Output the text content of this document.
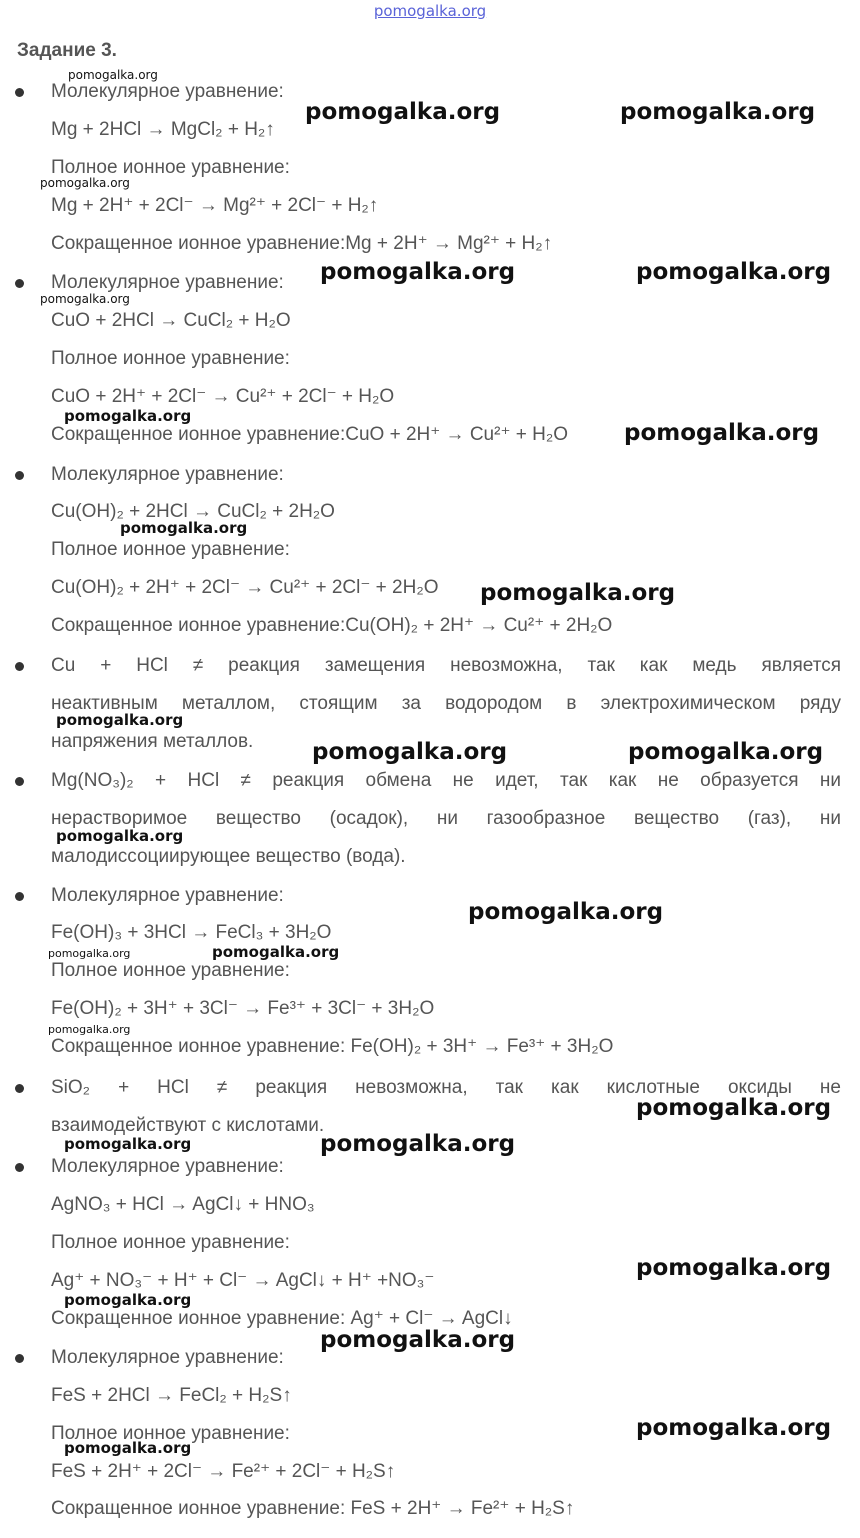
pomogalka.org
Задание 3.
Молекулярное уравнение:
Mg + 2HCl → MgCl₂ + H₂↑
Полное ионное уравнение:
Mg + 2H⁺ + 2Cl⁻ → Mg²⁺ + 2Cl⁻ + H₂↑
Сокращенное ионное уравнение:Mg + 2H⁺ → Mg²⁺ + H₂↑
Молекулярное уравнение:
CuO + 2HCl → CuCl₂ + H₂O
Полное ионное уравнение:
CuO + 2H⁺ + 2Cl⁻ → Cu²⁺ + 2Cl⁻ + H₂O
Сокращенное ионное уравнение:CuO + 2H⁺ → Cu²⁺ + H₂O
Молекулярное уравнение:
Cu(OH)₂ + 2HCl → CuCl₂ + 2H₂O
Полное ионное уравнение:
Cu(OH)₂ + 2H⁺ + 2Cl⁻ → Cu²⁺ + 2Cl⁻ + 2H₂O
Сокращенное ионное уравнение:Cu(OH)₂ + 2H⁺ → Cu²⁺ + 2H₂O
Cu + HCl ≠ реакция замещения невозможна, так как медь является
неактивным металлом, стоящим за водородом в электрохимическом ряду
напряжения металлов.
Mg(NO₃)₂ + HCl ≠ реакция обмена не идет, так как не образуется ни
нерастворимое вещество (осадок), ни газообразное вещество (газ), ни
малодиссоциирующее вещество (вода).
Молекулярное уравнение:
Fe(OH)₃ + 3HCl → FeCl₃ + 3H₂O
Полное ионное уравнение:
Fe(OH)₂ + 3H⁺ + 3Cl⁻ → Fe³⁺ + 3Cl⁻ + 3H₂O
Сокращенное ионное уравнение: Fe(OH)₂ + 3H⁺ → Fe³⁺ + 3H₂O
SiO₂ + HCl ≠ реакция невозможна, так как кислотные оксиды не
взаимодействуют с кислотами.
Молекулярное уравнение:
AgNO₃ + HCl → AgCl↓ + HNO₃
Полное ионное уравнение:
Ag⁺ + NO₃⁻ + H⁺ + Cl⁻ → AgCl↓ + H⁺ +NO₃⁻
Сокращенное ионное уравнение: Ag⁺ + Cl⁻ → AgCl↓
Молекулярное уравнение:
FeS + 2HCl → FeCl₂ + H₂S↑
Полное ионное уравнение:
FeS + 2H⁺ + 2Cl⁻ → Fe²⁺ + 2Cl⁻ + H₂S↑
Сокращенное ионное уравнение: FeS + 2H⁺ → Fe²⁺ + H₂S↑
pomogalka.org
pomogalka.org	pomogalka.org
pomogalka.org
pomogalka.org	pomogalka.org
pomogalka.org
pomogalka.org
pomogalka.org
pomogalka.org
pomogalka.org
pomogalka.org
pomogalka.org	pomogalka.org
pomogalka.org
pomogalka.org
pomogalka.org	pomogalka.org
pomogalka.org
pomogalka.org
pomogalka.org	pomogalka.org
pomogalka.org
pomogalka.org
pomogalka.org
pomogalka.org
pomogalka.org
